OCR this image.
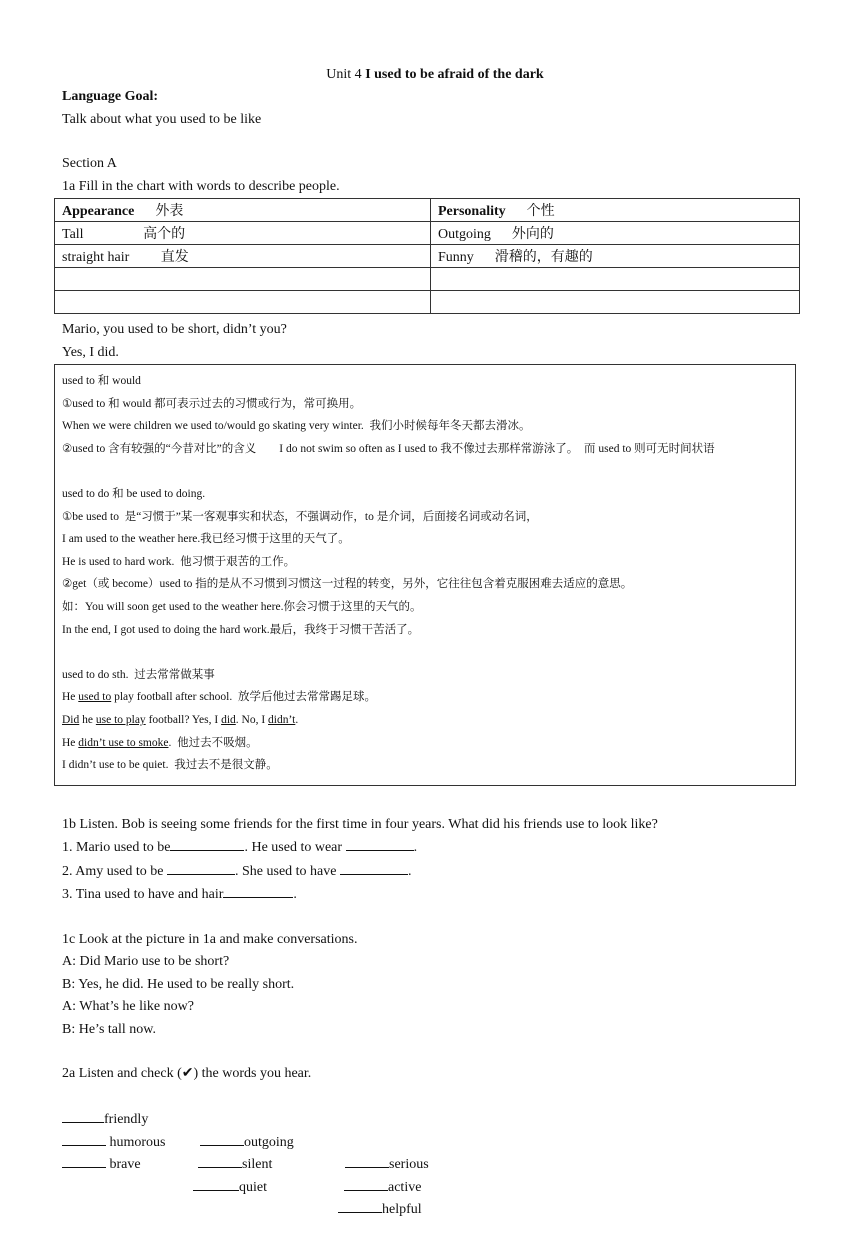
Unit 4 I used to be afraid of the dark
Language Goal:
Talk about what you used to be like
Section A
1a Fill in the chart with words to describe people.
Appearance 外表	Personality 个性
Tall 高个的	Outgoing 外向的
straight hair 直发	Funny 滑稽的，有趣的

Mario, you used to be short, didn’t you?
Yes, I did.
used to 和 would
①used to 和 would 都可表示过去的习惯或行为，常可换用。
When we were children we used to/would go skating very winter.  我们小时候每年冬天都去滑冰。
②used to 含有较强的“今昔对比”的含义        I do not swim so often as I used to 我不像过去那样常游泳了。  而 used to 则可无时间状语

used to do 和 be used to doing.
①be used to  是“习惯于”某一客观事实和状态，不强调动作，to 是介词，后面接名词或动名词，
I am used to the weather here.我已经习惯于这里的天气了。
He is used to hard work.  他习惯于艰苦的工作。
②get（或 become）used to 指的是从不习惯到习惯这一过程的转变，另外，它往往包含着克服困难去适应的意思。
如：You will soon get used to the weather here.你会习惯于这里的天气的。
In the end, I got used to doing the hard work.最后，我终于习惯干苦活了。

used to do sth.  过去常常做某事
He used to play football after school.  放学后他过去常常踢足球。
Did he use to play football? Yes, I did. No, I didn’t.
He didn’t use to smoke.  他过去不吸烟。
I didn’t use to be quiet.  我过去不是很文静。
1b Listen. Bob is seeing some friends for the first time in four years. What did his friends use to look like?
1. Mario used to be	. He used to wear	.
2. Amy used to be	. She used to have	.
3. Tina used to have and hair	.
1c Look at the picture in 1a and make conversations.
A: Did Mario use to be short?
B: Yes, he did. He used to be really short.
A: What’s he like now?
B: He’s tall now.
2a Listen and check (✔) the words you hear.

friendly

outgoing

serious

humorous

silent

active

brave

quiet

helpful
